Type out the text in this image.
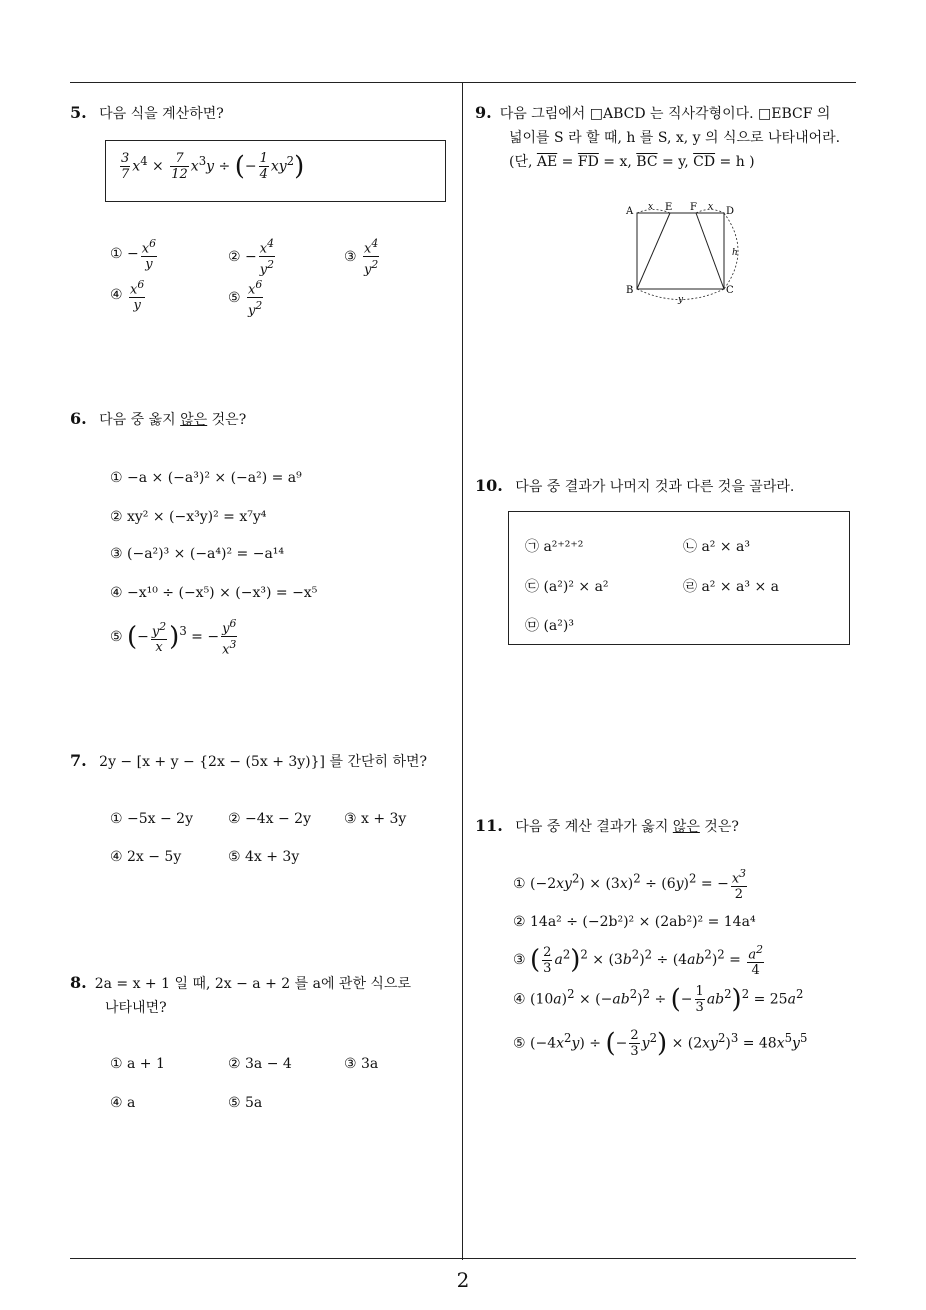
2
5. 다음 식을 계산하면?
$\frac{3}{7} x^4 \times \frac{7}{12} x^3y$ ÷ (− $\frac{1}{4} xy^2$)
① − $\frac{x^6}{y}$	② − $\frac{x^4}{y^2}$	③ $\frac{x^4}{y^2}$
④ $\frac{x^6}{y}$	⑤ $\frac{x^6}{y^2}$
6. 다음 중 옳지 않은 것은?
① −a × (−a³)² × (−a²) = a⁹
② xy² × (−x³y)² = x⁷y⁴
③ (−a²)³ × (−a⁴)² = −a¹⁴
④ −x¹⁰ ÷ (−x⁵) × (−x³) = −x⁵
⑤ (− $\frac{y^2}{x} )^3$ = − $\frac{y^6}{x^3}$
7. 2y − [x + y − {2x − (5x + 3y)}] 를 간단히 하면?
① −5x − 2y	② −4x − 2y ③ x + 3y
④ 2x − 5y	⑤ 4x + 3y
8. 2a = x + 1 일 때, 2x − a + 2 를 a에 관한 식으로
나타내면?
① a + 1	② 3a − 4	③ 3a
④ a	⑤ 5a
9. 다음 그림에서 □ABCD 는 직사각형이다. □EBCF 의
넓이를 S 라 할 때, h 를 S, x, y 의 식으로 나타내어라.
(단, $\overline{AE} = \overline{FD} = x$, $\overline{BC} = y$, $\overline{CD} = h$ )
A	E F	D
B	C
x	x
y
h
10. 다음 중 결과가 나머지 것과 다른 것을 골라라.
㉠ a²⁺²⁺²	㉡ a² × a³
㉢ (a²)² × a²	㉣ a² × a³ × a
㉤ (a²)³
11. 다음 중 계산 결과가 옳지 않은 것은?
① $(-2xy^2) \times (3x)^2 \div (6y)^2$ = − $\frac{x^3}{2}$
② 14a² ÷ (−2b²)² × (2ab²)² = 14a⁴
③ ( $\frac{2}{3} a^2)^2 \times (3b^2)^2 \div (4ab^2)^2 = \frac{a^2}{4}$
④ $(10a)^2 \times (-ab^2)^2$ ÷ (− $\frac{1}{3} ab^2)^2 = 25a^2$
⑤ $(-4x^2y)$ ÷ (− $\frac{2}{3} y^2) \times (2xy^2)^3 = 48x^5y^5$
